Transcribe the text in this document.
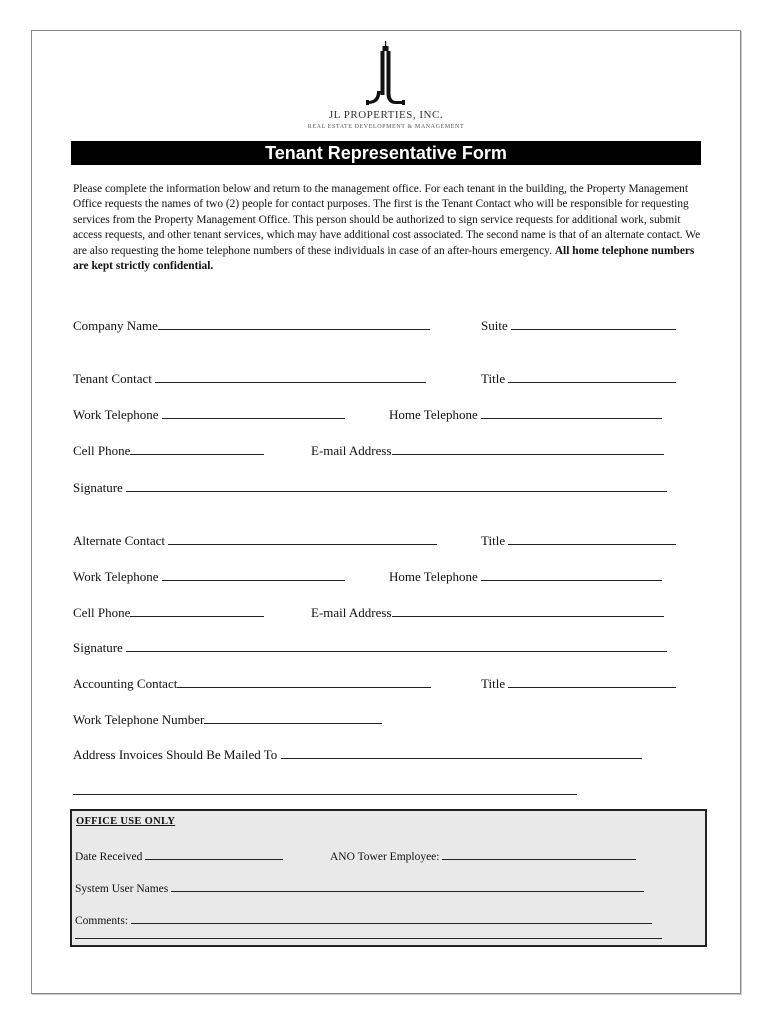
JL PROPERTIES, INC.
REAL ESTATE DEVELOPMENT & MANAGEMENT
Tenant Representative Form
Please complete the information below and return to the management office. For each tenant in the building, the Property Management Office requests the names of two (2) people for contact purposes. The first is the Tenant Contact who will be responsible for requesting services from the Property Management Office. This person should be authorized to sign service requests for additional work, submit access requests, and other tenant services, which may have additional cost associated. The second name is that of an alternate contact. We are also requesting the home telephone numbers of these individuals in case of an after-hours emergency. All home telephone numbers are kept strictly confidential.
Company Name	Suite
Tenant Contact	Title
Work Telephone	Home Telephone
Cell Phone	E-mail Address
Signature
Alternate Contact	Title
Work Telephone	Home Telephone
Cell Phone	E-mail Address
Signature
Accounting Contact	Title
Work Telephone Number
Address Invoices Should Be Mailed To
OFFICE USE ONLY
Date Received	ANO Tower Employee:
System User Names
Comments:
